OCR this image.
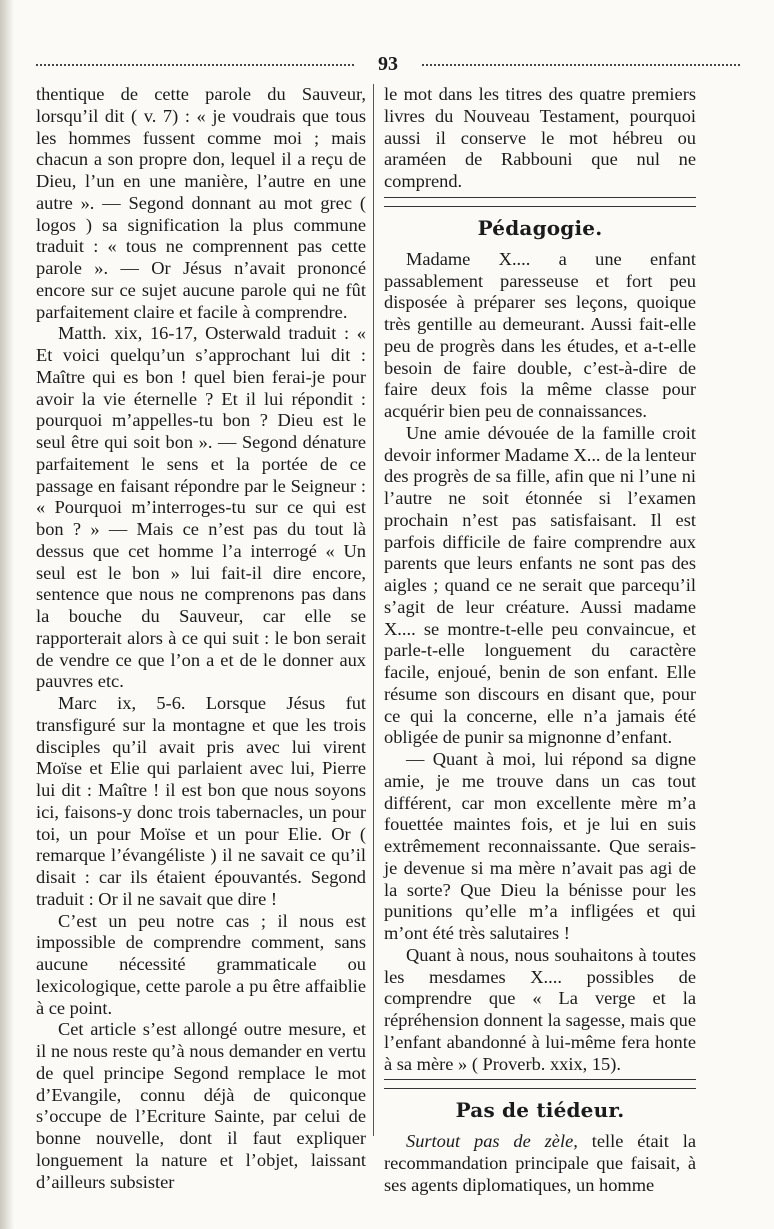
93

thentique de cette parole du Sauveur, lorsqu’il dit ( v. 7) : « je voudrais que tous les hommes fussent comme moi ; mais chacun a son propre don, lequel il a reçu de Dieu, l’un en une manière, l’autre en une autre ». — Segond donnant au mot grec ( logos ) sa signification la plus commune traduit : « tous ne comprennent pas cette parole ». — Or Jésus n’avait prononcé encore sur ce sujet aucune parole qui ne fût parfaitement claire et facile à comprendre.

Matth. xix, 16-17, Osterwald traduit : « Et voici quelqu’un s’approchant lui dit : Maître qui es bon ! quel bien ferai-je pour avoir la vie éternelle ? Et il lui répondit : pourquoi m’appelles-tu bon ? Dieu est le seul être qui soit bon ». — Segond dénature parfaitement le sens et la portée de ce passage en faisant répondre par le Seigneur : « Pourquoi m’interroges-tu sur ce qui est bon ? » — Mais ce n’est pas du tout là dessus que cet homme l’a interrogé « Un seul est le bon » lui fait-il dire encore, sentence que nous ne comprenons pas dans la bouche du Sauveur, car elle se rapporterait alors à ce qui suit : le bon serait de vendre ce que l’on a et de le donner aux pauvres etc.

Marc ix, 5-6. Lorsque Jésus fut transfiguré sur la montagne et que les trois disciples qu’il avait pris avec lui virent Moïse et Elie qui parlaient avec lui, Pierre lui dit : Maître ! il est bon que nous soyons ici, faisons-y donc trois tabernacles, un pour toi, un pour Moïse et un pour Elie. Or ( remarque l’évangéliste ) il ne savait ce qu’il disait : car ils étaient épouvantés. Segond traduit : Or il ne savait que dire !

C’est un peu notre cas ; il nous est impossible de comprendre comment, sans aucune nécessité grammaticale ou lexicologique, cette parole a pu être affaiblie à ce point.

Cet article s’est allongé outre mesure, et il ne nous reste qu’à nous demander en vertu de quel principe Segond remplace le mot d’Evangile, connu déjà de quiconque s’occupe de l’Ecriture Sainte, par celui de bonne nouvelle, dont il faut expliquer longuement la nature et l’objet, laissant d’ailleurs subsister

le mot dans les titres des quatre premiers livres du Nouveau Testament, pourquoi aussi il conserve le mot hébreu ou araméen de Rabbouni que nul ne comprend.

Pédagogie.

Madame X.... a une enfant passablement paresseuse et fort peu disposée à préparer ses leçons, quoique très gentille au demeurant. Aussi fait-elle peu de progrès dans les études, et a-t-elle besoin de faire double, c’est-à-dire de faire deux fois la même classe pour acquérir bien peu de connaissances.

Une amie dévouée de la famille croit devoir informer Madame X... de la lenteur des progrès de sa fille, afin que ni l’une ni l’autre ne soit étonnée si l’examen prochain n’est pas satisfaisant. Il est parfois difficile de faire comprendre aux parents que leurs enfants ne sont pas des aigles ; quand ce ne serait que parcequ’il s’agit de leur créature. Aussi madame X.... se montre-t-elle peu convaincue, et parle-t-elle longuement du caractère facile, enjoué, benin de son enfant. Elle résume son discours en disant que, pour ce qui la concerne, elle n’a jamais été obligée de punir sa mignonne d’enfant.

— Quant à moi, lui répond sa digne amie, je me trouve dans un cas tout différent, car mon excellente mère m’a fouettée maintes fois, et je lui en suis extrêmement reconnaissante. Que serais-je devenue si ma mère n’avait pas agi de la sorte? Que Dieu la bénisse pour les punitions qu’elle m’a infligées et qui m’ont été très salutaires !

Quant à nous, nous souhaitons à toutes les mesdames X.... possibles de comprendre que « La verge et la répréhension donnent la sagesse, mais que l’enfant abandonné à lui-même fera honte à sa mère » ( Proverb. xxix, 15).

Pas de tiédeur.

Surtout pas de zèle, telle était la recommandation principale que faisait, à ses agents diplomatiques, un homme
